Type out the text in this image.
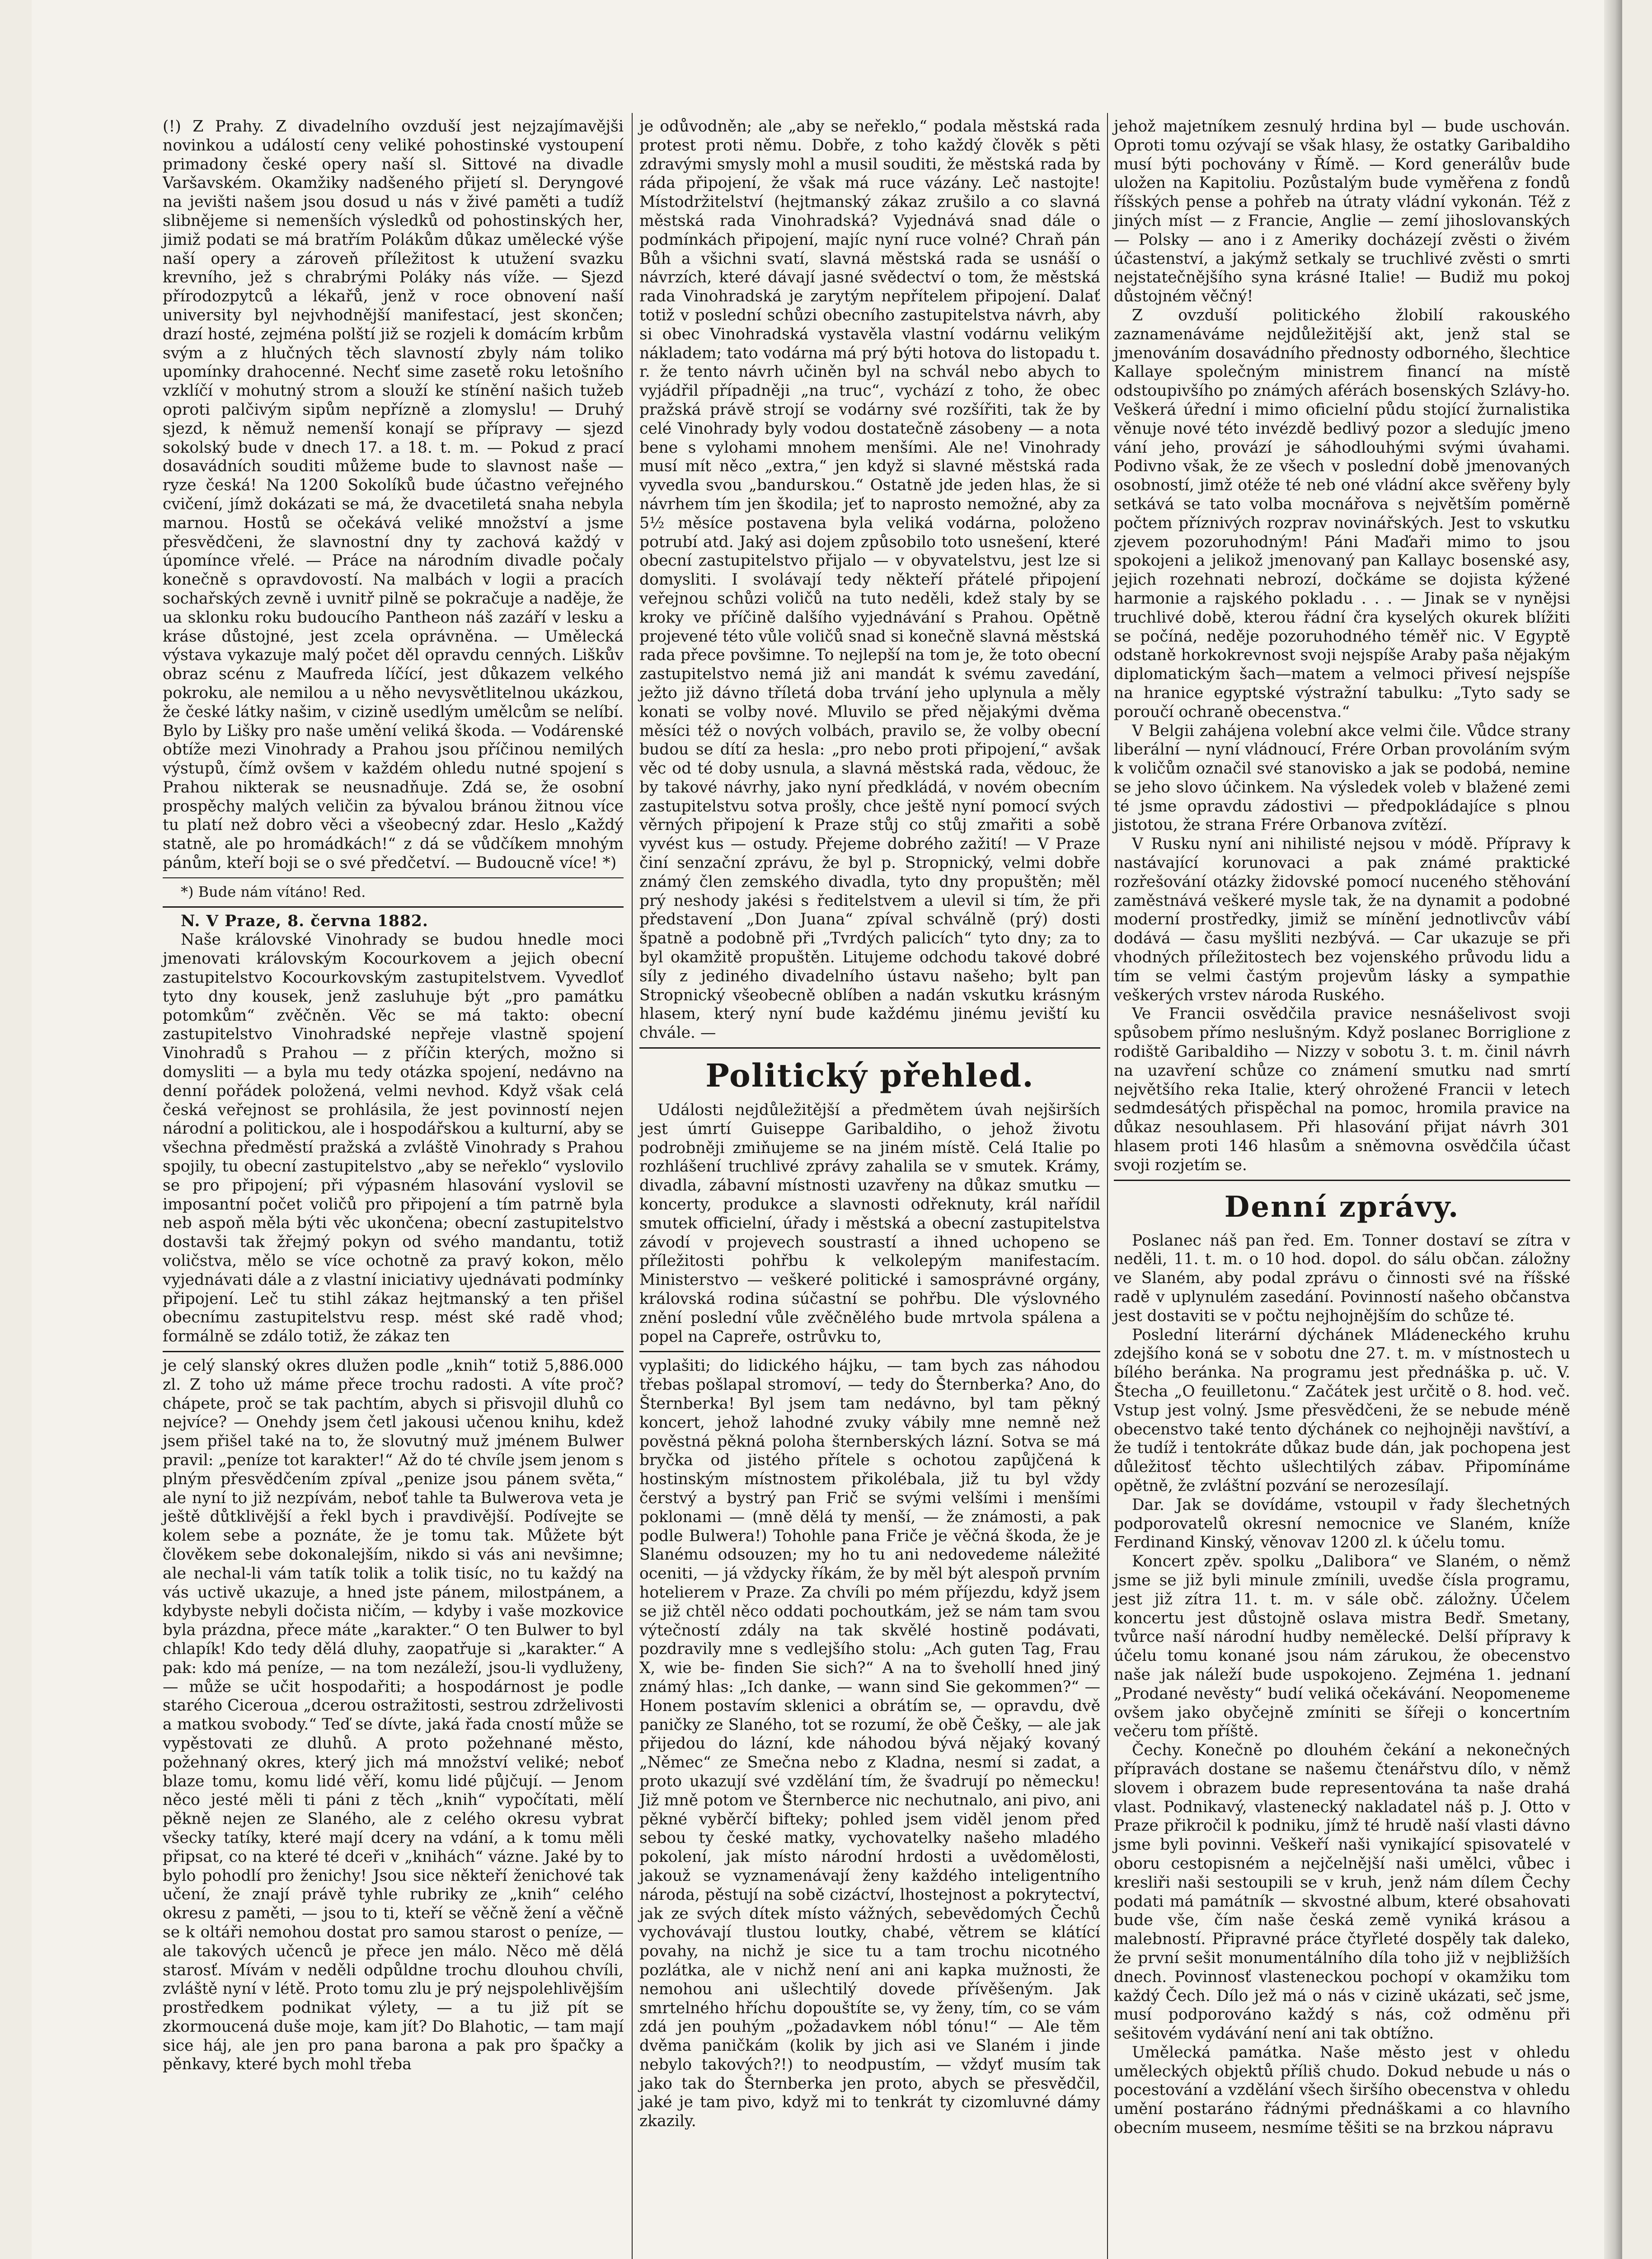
(!) Z Prahy. Z divadelního ovzduší jest nejzajímavějši novinkou a událostí ceny veliké pohostinské vystoupení primadony české opery naší sl. Sittové na divadle Varšavském. Okamžiky nadšeného přijetí sl. Deryngové na jevišti našem jsou dosud u nás v živé paměti a tudíž slibnějeme si nemenších výsledků od pohostinských her, jimiž podati se má bratřím Polákům důkaz umělecké výše naší opery a zároveň příležitost k utužení svazku krevního, jež s chrabrými Poláky nás víže. — Sjezd přírodozpytců a lékařů, jenž v roce obnovení naší university byl nejvhodnější manifestací, jest skončen; drazí hosté, zejména polští již se rozjeli k domácím krbům svým a z hlučných těch slavností zbyly nám toliko upomínky drahocenné. Nechť sime zasetě roku letošního vzklíčí v mohutný strom a slouží ke stínění našich tužeb oproti palčivým sipům nepřízně a zlomyslu! — Druhý sjezd, k němuž nemenší konají se přípravy — sjezd sokolský bude v dnech 17. a 18. t. m. — Pokud z prací dosavádních souditi můžeme bude to slavnost naše — ryze česká! Na 1200 Sokolíků bude účastno veřejného cvičení, jímž dokázati se má, že dvacetiletá snaha nebyla marnou. Hostů se očekává veliké množství a jsme přesvědčeni, že slavnostní dny ty zachová každý v úpomínce vřelé. — Práce na národním divadle počaly konečně s opravdovostí. Na malbách v logii a pracích sochařských zevně i uvnitř pilně se pokračuje a naděje, že ua sklonku roku budoucího Pantheon náš zazáří v lesku a kráse důstojné, jest zcela oprávněna. — Umělecká výstava vykazuje malý počet děl opravdu cenných. Liškův obraz scénu z Maufreda líčící, jest důkazem velkého pokroku, ale nemilou a u něho nevysvětlitelnou ukázkou, že české látky našim, v cizině usedlým umělcům se nelíbí. Bylo by Lišky pro naše umění veliká škoda. — Vodárenské obtíže mezi Vinohrady a Prahou jsou příčinou nemilých výstupů, čímž ovšem v každém ohledu nutné spojení s Prahou nikterak se neusnadňuje. Zdá se, že osobní prospěchy malých veličin za bývalou bránou žitnou více tu platí než dobro věci a všeobecný zdar. Heslo „Každý statně, ale po hromádkách!“ z dá se vůdčíkem mnohým pánům, kteří boji se o své předčetví. — Budoucně více! *)

*) Bude nám vítáno! Red.

N. V Praze, 8. června 1882.

Naše královské Vinohrady se budou hnedle moci jmenovati královským Kocourkovem a jejich obecní zastupitelstvo Kocourkovským zastupitelstvem. Vyvedloť tyto dny kousek, jenž zasluhuje být „pro památku potomkům“ zvěčněn. Věc se má takto: obecní zastupitelstvo Vinohradské nepřeje vlastně spojení Vinohradů s Prahou — z příčin kterých, možno si domysliti — a byla mu tedy otázka spojení, nedávno na denní pořádek položená, velmi nevhod. Když však celá česká veřejnost se prohlásila, že jest povinností nejen národní a politickou, ale i hospodářskou a kulturní, aby se všechna předměstí pražská a zvláště Vinohrady s Prahou spojily, tu obecní zastupitelstvo „aby se neřeklo“ vyslovilo se pro připojení; při výpasném hlasování vyslovil se imposantní počet voličů pro připojení a tím patrně byla neb aspoň měla býti věc ukončena; obecní zastupitelstvo dostavši tak žřejmý pokyn od svého mandantu, totiž voličstva, mělo se více ochotně za pravý kokon, mělo vyjednávati dále a z vlastní iniciativy ujednávati podmínky připojení. Leč tu stihl zákaz hejtmanský a ten přišel obecnímu zastupitelstvu resp. mést ské radě vhod; formálně se zdálo totiž, že zákaz ten

je celý slanský okres dlužen podle „knih“ totiž 5,886.000 zl. Z toho už máme přece trochu radosti. A víte proč? chápete, proč se tak pachtím, abych si přisvojil dluhů co nejvíce? — Onehdy jsem četl jakousi učenou knihu, kdež jsem přišel také na to, že slovutný muž jménem Bulwer pravil: „peníze tot karakter!“ Až do té chvíle jsem jenom s plným přesvědčením zpíval „penize jsou pánem světa,“ ale nyní to již nezpívám, neboť tahle ta Bulwerova veta je ještě důtklivější a řekl bych i pravdivější. Podívejte se kolem sebe a poznáte, že je tomu tak. Můžete být člověkem sebe dokonalejším, nikdo si vás ani nevšimne; ale nechal-li vám tatík tolik a tolik tisíc, no tu každý na vás uctivě ukazuje, a hned jste pánem, milostpánem, a kdybyste nebyli dočista ničím, — kdyby i vaše mozkovice byla prázdna, přece máte „karakter.“ O ten Bulwer to byl chlapík! Kdo tedy dělá dluhy, zaopatřuje si „karakter.“ A pak: kdo má peníze, — na tom nezáleží, jsou-li vydluženy, — může se učit hospodařiti; a hospodárnost je podle starého Ciceroua „dcerou ostražitosti, sestrou zdrželivosti a matkou svobody.“ Teď se dívte, jaká řada cností může se vypěstovati ze dluhů. A proto požehnané město, požehnaný okres, který jich má množství veliké; neboť blaze tomu, komu lidé věří, komu lidé půjčují. — Jenom něco jesté měli ti páni z těch „knih“ vypočítati, mělí pěkně nejen ze Slaného, ale z celého okresu vybrat všecky tatíky, které mají dcery na vdání, a k tomu měli připsat, co na které té dceři v „knihách“ vázne. Jaké by to bylo pohodlí pro ženichy! Jsou sice někteří ženichové tak učení, že znají právě tyhle rubriky ze „knih“ celého okresu z paměti, — jsou to ti, kteří se věčně žení a věčně se k oltáři nemohou dostat pro samou starost o peníze, — ale takových učenců je přece jen málo. Něco mě dělá starosť. Mívám v neděli odpůldne trochu dlouhou chvíli, zvláště nyní v létě. Proto tomu zlu je prý nejspolehlivějším prostředkem podnikat výlety, — a tu již pít se zkormoucená duše moje, kam jít? Do Blahotic, — tam mají sice háj, ale jen pro pana barona a pak pro špačky a pěnkavy, které bych mohl třeba

je odůvodněn; ale „aby se neřeklo,“ podala městská rada protest proti němu. Dobře, z toho každý člověk s pěti zdravými smysly mohl a musil souditi, že městská rada by ráda připojení, že však má ruce vázány. Leč nastojte! Místodržitelství (hejtmanský zákaz zrušilo a co slavná městská rada Vinohradská? Vyjednává snad dále o podmínkách připojení, majíc nyní ruce volné? Chraň pán Bůh a všichni svatí, slavná městská rada se usnáší o návrzích, které dávají jasné svědectví o tom, že městská rada Vinohradská je zarytým nepřítelem připojení. Dalať totiž v poslední schůzi obecního zastupitelstva návrh, aby si obec Vinohradská vystavěla vlastní vodárnu velikým nákladem; tato vodárna má prý býti hotova do listopadu t. r. že tento návrh učiněn byl na schvál nebo abych to vyjádřil případněji „na truc“, vychází z toho, že obec pražská právě strojí se vodárny své rozšířiti, tak že by celé Vinohrady byly vodou dostatečně zásobeny — a nota bene s vylohami mnohem menšími. Ale ne! Vinohrady musí mít něco „extra,“ jen když si slavné městská rada vyvedla svou „bandurskou.“ Ostatně jde jeden hlas, že si návrhem tím jen škodila; jeť to naprosto nemožné, aby za 5½ měsíce postavena byla veliká vodárna, položeno potrubí atd. Jaký asi dojem způsobilo toto usnešení, které obecní zastupitelstvo přijalo — v obyvatelstvu, jest lze si domysliti. I svolávají tedy někteří přátelé připojení veřejnou schůzi voličů na tuto neděli, kdež staly by se kroky ve příčině dalšího vyjednávání s Prahou. Opětně projevené této vůle voličů snad si konečně slavná městská rada přece povšimne. To nejlepší na tom je, že toto obecní zastupitelstvo nemá již ani mandát k svému zavedání, ježto již dávno tříletá doba trvání jeho uplynula a měly konati se volby nové. Mluvilo se před nějakými dvěma měsíci též o nových volbách, pravilo se, že volby obecní budou se dítí za hesla: „pro nebo proti připojení,“ avšak věc od té doby usnula, a slavná městská rada, vědouc, že by takové návrhy, jako nyní předkládá, v novém obecním zastupitelstvu sotva prošly, chce ještě nyní pomocí svých věrných připojení k Praze stůj co stůj zmařiti a sobě vyvést kus — ostudy. Přejeme dobrého zažití! — V Praze činí senzační zprávu, že byl p. Stropnický, velmi dobře známý člen zemského divadla, tyto dny propuštěn; měl prý neshody jakési s ředitelstvem a ulevil si tím, že při představení „Don Juana“ zpíval schválně (prý) dosti špatně a podobně při „Tvrdých palicích“ tyto dny; za to byl okamžitě propuštěn. Litujeme odchodu takové dobré síly z jediného divadelního ústavu našeho; bylt pan Stropnický všeobecně oblíben a nadán vskutku krásným hlasem, který nyní bude každému jinému jeviští ku chvále. —

Politický přehled.

Události nejdůležitější a předmětem úvah nejširších jest úmrtí Guiseppe Garibaldiho, o jehož životu podrobněji zmiňujeme se na jiném místě. Celá Italie po rozhlášení truchlivé zprávy zahalila se v smutek. Krámy, divadla, zábavní místnosti uzavřeny na důkaz smutku — koncerty, produkce a slavnosti odřeknuty, král nařídil smutek officielní, úřady i městská a obecní zastupitelstva závodí v projevech soustrastí a ihned uchopeno se příležitosti pohřbu k velkolepým manifestacím. Ministerstvo — veškeré politické i samosprávné orgány, královská rodina súčastní se pohřbu. Dle výslovného znění poslední vůle zvěčnělého bude mrtvola spálena a popel na Capreře, ostrůvku to,

vyplašiti; do lidického hájku, — tam bych zas náhodou třebas pošlapal stromoví, — tedy do Šternberka? Ano, do Šternberka! Byl jsem tam nedávno, byl tam pěkný koncert, jehož lahodné zvuky vábily mne nemně než pověstná pěkná poloha šternberských lázní. Sotva se má bryčka od jistého přítele s ochotou zapůjčená k hostinským místnostem přikolébala, již tu byl vždy čerstvý a bystrý pan Frič se svými velšími i menšími poklonami — (mně dělá ty menší, — že známosti, a pak podle Bulwera!) Tohohle pana Friče je věčná škoda, že je Slanému odsouzen; my ho tu ani nedovedeme náležité oceniti, — já vždycky říkám, že by měl být alespoň prvním hotelierem v Praze. Za chvíli po mém příjezdu, když jsem se již chtěl něco oddati pochoutkám, jež se nám tam svou výtečností zdály na tak skvělé hostině podávati, pozdravily mne s vedlejšího stolu: „Ach guten Tag, Frau X, wie be- finden Sie sich?“ A na to švehollí hned jiný známý hlas: „Ich danke, — wann sind Sie gekommen?“ — Honem postavím sklenici a obrátím se, — opravdu, dvě paničky ze Slaného, tot se rozumí, že obě Češky, — ale jak přijedou do lázní, kde náhodou bývá nějaký kovaný „Němec“ ze Smečna nebo z Kladna, nesmí si zadat, a proto ukazují své vzdělání tím, že švadrují po německu! Již mně potom ve Šternberce nic nechutnalo, ani pivo, ani pěkné vyběrčí bifteky; pohled jsem viděl jenom před sebou ty české matky, vychovatelky našeho mladého pokolení, jak místo národní hrdosti a uvědomělosti, jakouž se vyznamenávají ženy každého inteligentního národa, pěstují na sobě cizáctví, lhostejnost a pokrytectví, jak ze svých dítek místo vážných, sebevědomých Čechů vychovávají tlustou loutky, chabé, větrem se klátící povahy, na nichž je sice tu a tam trochu nicotného pozlátka, ale v nichž není ani ani kapka mužnosti, že nemohou ani ušlechtilý dovede přívěšeným. Jak smrtelného hříchu dopouštíte se, vy ženy, tím, co se vám zdá jen pouhým „požadavkem nóbl tónu!“ — Ale těm dvěma paničkám (kolik by jich asi ve Slaném i jinde nebylo takových?!) to neodpustím, — vždyť musím tak jako tak do Šternberka jen proto, abych se přesvědčil, jaké je tam pivo, když mi to tenkrát ty cizomluvné dámy zkazily.

jehož majetníkem zesnulý hrdina byl — bude uschován. Oproti tomu ozývají se však hlasy, že ostatky Garibaldiho musí býti pochovány v Římě. — Kord generálův bude uložen na Kapitoliu. Pozůstalým bude vyměřena z fondů říšských pense a pohřeb na útraty vládní vykonán. Též z jiných míst — z Francie, Anglie — zemí jihoslovanských — Polsky — ano i z Ameriky docházejí zvěsti o živém účastenství, a jakýmž setkaly se truchlivé zvěsti o smrti nejstatečnějšího syna krásné Italie! — Budiž mu pokoj důstojném věčný!

Z ovzduší politického žlobilí rakouského zaznamenáváme nejdůležitější akt, jenž stal se jmenováním dosavádního přednosty odborného, šlechtice Kallaye společným ministrem financí na místě odstoupivšího po známých aférách bosenských Szlávy-ho. Veškerá úřední i mimo oficielní půdu stojící žurnalistika věnuje nové této invézdě bedlivý pozor a sledujíc jmeno vání jeho, provází je sáhodlouhými svými úvahami. Podivno však, že ze všech v poslední době jmenovaných osobností, jimž otéže té neb oné vládní akce svěřeny byly setkává se tato volba mocnářova s největším poměrně počtem příznivých rozprav novinářských. Jest to vskutku zjevem pozoruhodným! Páni Maďaři mimo to jsou spokojeni a jelikož jmenovaný pan Kallayc bosenské asy, jejich rozehnati nebrozí, dočkáme se dojista kýžené harmonie a rajského pokladu . . . — Jinak se v nynějsi truchlivé době, kterou řádní čra kyselých okurek blížiti se počíná, neděje pozoruhodného téměř nic. V Egyptě odstaně horkokrevnost svoji nejspíše Araby paša nějakým diplomatickým šach—matem a velmoci přivesí nejspíše na hranice egyptské výstražní tabulku: „Tyto sady se poroučí ochraně obecenstva.“

V Belgii zahájena volební akce velmi čile. Vůdce strany liberální — nyní vládnoucí, Frére Orban provoláním svým k voličům označil své stanovisko a jak se podobá, nemine se jeho slovo účinkem. Na výsledek voleb v blažené zemi té jsme opravdu zádostivi — předpokládajíce s plnou jistotou, že strana Frére Orbanova zvítězí.

V Rusku nyní ani nihilisté nejsou v módě. Přípravy k nastávající korunovaci a pak známé praktické rozřešování otázky židovské pomocí nuceného stěhování zaměstnává veškeré mysle tak, že na dynamit a podobné moderní prostředky, jimiž se mínění jednotlivcův vábí dodává — času myšliti nezbývá. — Car ukazuje se při vhodných příležitostech bez vojenského průvodu lidu a tím se velmi častým projevům lásky a sympathie veškerých vrstev národa Ruského.

Ve Francii osvědčila pravice nesnášelivost svoji spůsobem přímo neslušným. Když poslanec Borriglione z rodiště Garibaldiho — Nizzy v sobotu 3. t. m. činil návrh na uzavření schůze co známení smutku nad smrtí největšího reka Italie, který ohrožené Francii v letech sedmdesátých přispěchal na pomoc, hromila pravice na důkaz nesouhlasem. Při hlasování přijat návrh 301 hlasem proti 146 hlasům a sněmovna osvědčila účast svoji rozjetím se.

Denní zprávy.

Poslanec náš pan řed. Em. Tonner dostaví se zítra v neděli, 11. t. m. o 10 hod. dopol. do sálu občan. záložny ve Slaném, aby podal zprávu o činnosti své na říšské radě v uplynulém zasedání. Povinností našeho občanstva jest dostaviti se v počtu nejhojnějším do schůze té.

Poslední literární dýchánek Mládeneckého kruhu zdejšího koná se v sobotu dne 27. t. m. v místnostech u bílého beránka. Na programu jest přednáška p. uč. V. Štecha „O feuilletonu.“ Začátek jest určitě o 8. hod. več. Vstup jest volný. Jsme přesvědčeni, že se nebude méně obecenstvo také tento dýchánek co nejhojněji navštíví, a že tudíž i tentokráte důkaz bude dán, jak pochopena jest důležitosť těchto ušlechtilých zábav. Připomínáme opětně, že zvláštní pozvání se nerozesílají.

Dar. Jak se dovídáme, vstoupil v řady šlechetných podporovatelů okresní nemocnice ve Slaném, kníže Ferdinand Kinský, věnovav 1200 zl. k účelu tomu.

Koncert zpěv. spolku „Dalibora“ ve Slaném, o němž jsme se již byli minule zmínili, uvedše čísla programu, jest již zítra 11. t. m. v sále obč. záložny. Účelem koncertu jest důstojně oslava mistra Bedř. Smetany, tvůrce naší národní hudby nemělecké. Delší přípravy k účelu tomu konané jsou nám zárukou, že obecenstvo naše jak náleží bude uspokojeno. Zejména 1. jednaní „Prodané nevěsty“ budí veliká očekávání. Neopomeneme ovšem jako obyčejně zmíniti se šířeji o koncertním večeru tom příště.

Čechy. Konečně po dlouhém čekání a nekonečných přípravách dostane se našemu čtenářstvu dílo, v němž slovem i obrazem bude representována ta naše drahá vlast. Podnikavý, vlastenecký nakladatel náš p. J. Otto v Praze přikročil k podniku, jímž té hrudě naší vlasti dávno jsme byli povinni. Veškeří naši vynikající spisovatelé v oboru cestopisném a nejčelnější naši umělci, vůbec i kresliři naši sestoupili se v kruh, jenž nám dílem Čechy podati má památník — skvostné album, které obsahovati bude vše, čím naše česká země vyniká krásou a malebností. Připravné práce čtyřleté dospěly tak daleko, že první sešit monumentálního díla toho již v nejbližších dnech. Povinnosť vlasteneckou pochopí v okamžiku tom každý Čech. Dílo jež má o nás v cizině ukázati, seč jsme, musí podporováno každý s nás, což odměnu při sešitovém vydávání není ani tak obtížno.

Umělecká památka. Naše město jest v ohledu uměleckých objektů příliš chudo. Dokud nebude u nás o pocestování a vzdělání všech širšího obecenstva v ohledu umění postaráno řádnými přednáškami a co hlavního obecním museem, nesmíme těšiti se na brzkou nápravu
